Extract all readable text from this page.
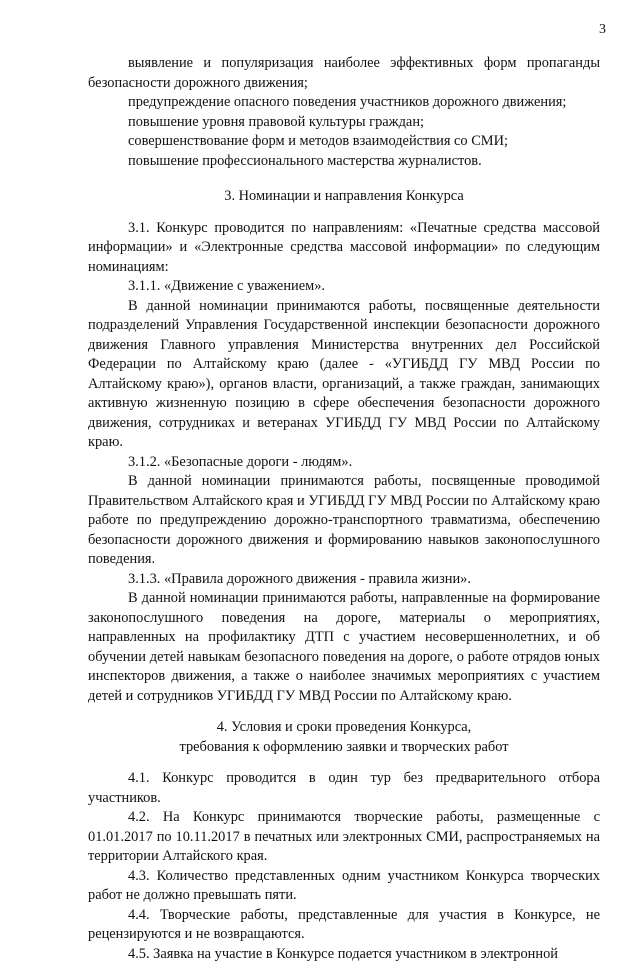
3

выявление и популяризация наиболее эффективных форм пропаганды безопасности дорожного движения;

предупреждение опасного поведения участников дорожного движения;

повышение уровня правовой культуры граждан;

совершенствование форм и методов взаимодействия со СМИ;

повышение профессионального мастерства журналистов.

3. Номинации и направления Конкурса

3.1. Конкурс проводится по направлениям: «Печатные средства массовой информации» и «Электронные средства массовой информации» по следующим номинациям:

3.1.1. «Движение с уважением».

В данной номинации принимаются работы, посвященные деятельности подразделений Управления Государственной инспекции безопасности дорожного движения Главного управления Министерства внутренних дел Российской Федерации по Алтайскому краю (далее - «УГИБДД ГУ МВД России по Алтайскому краю»), органов власти, организаций, а также граждан, занимающих активную жизненную позицию в сфере обеспечения безопасности дорожного движения, сотрудниках и ветеранах УГИБДД ГУ МВД России по Алтайскому краю.

3.1.2. «Безопасные дороги - людям».

В данной номинации принимаются работы, посвященные проводимой Правительством Алтайского края и УГИБДД ГУ МВД России по Алтайскому краю работе по предупреждению дорожно-транспортного травматизма, обеспечению безопасности дорожного движения и формированию навыков законопослушного поведения.

3.1.3. «Правила дорожного движения - правила жизни».

В данной номинации принимаются работы, направленные на формирование законопослушного поведения на дороге, материалы о мероприятиях, направленных на профилактику ДТП с участием несовершеннолетних, и об обучении детей навыкам безопасного поведения на дороге, о работе отрядов юных инспекторов движения, а также о наиболее значимых мероприятиях с участием детей и сотрудников УГИБДД ГУ МВД России по Алтайскому краю.

4. Условия и сроки проведения Конкурса,

требования к оформлению заявки и творческих работ

4.1. Конкурс проводится в один тур без предварительного отбора участников.

4.2. На Конкурс принимаются творческие работы, размещенные с 01.01.2017 по 10.11.2017 в печатных или электронных СМИ, распространяемых на территории Алтайского края.

4.3. Количество представленных одним участником Конкурса творческих работ не должно превышать пяти.

4.4. Творческие работы, представленные для участия в Конкурсе, не рецензируются и не возвращаются.

4.5. Заявка на участие в Конкурсе подается участником в электронной
